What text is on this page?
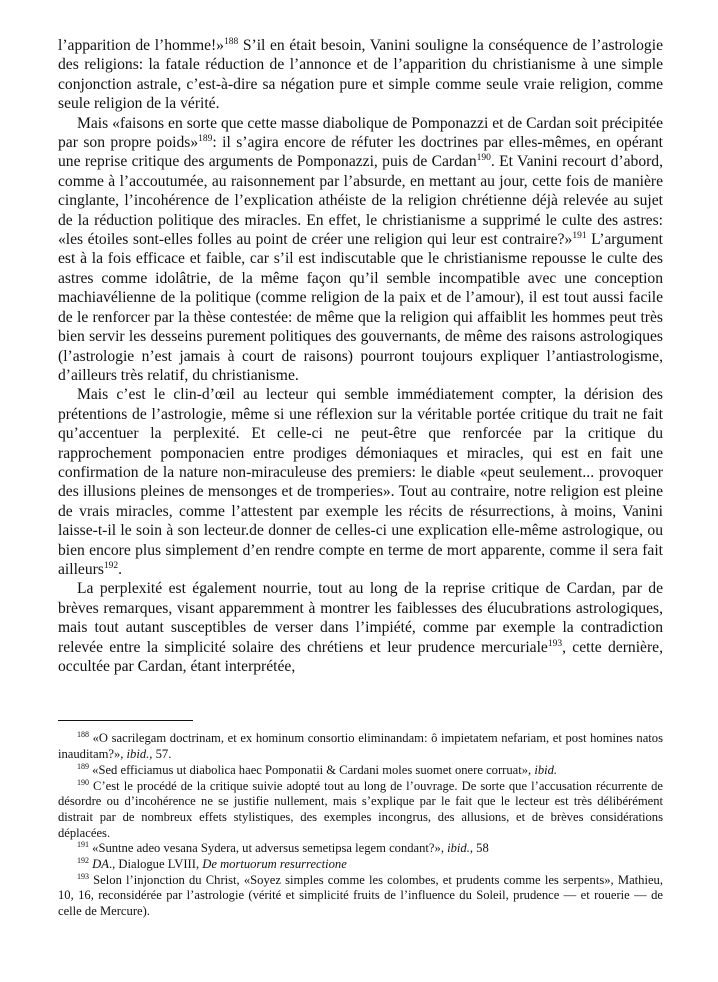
l’apparition de l’homme!»$^{188}$ S’il en était besoin, Vanini souligne la conséquence de l’astrologie des religions: la fatale réduction de l’annonce et de l’apparition du christianisme à une simple conjonction astrale, c’est-à-dire sa négation pure et simple comme seule vraie religion, comme seule religion de la vérité.

Mais «faisons en sorte que cette masse diabolique de Pomponazzi et de Cardan soit précipitée par son propre poids»$^{189}$: il s’agira encore de réfuter les doctrines par elles-mêmes, en opérant une reprise critique des arguments de Pomponazzi, puis de Cardan$^{190}$. Et Vanini recourt d’abord, comme à l’accoutumée, au raisonnement par l’absurde, en mettant au jour, cette fois de manière cinglante, l’incohérence de l’explication athéiste de la religion chrétienne déjà relevée au sujet de la réduction politique des miracles. En effet, le christianisme a supprimé le culte des astres: «les étoiles sont-elles folles au point de créer une religion qui leur est contraire?»$^{191}$ L’argument est à la fois efficace et faible, car s’il est indiscutable que le christianisme repousse le culte des astres comme idolâtrie, de la même façon qu’il semble incompatible avec une conception machiavélienne de la politique (comme religion de la paix et de l’amour), il est tout aussi facile de le renforcer par la thèse contestée: de même que la religion qui affaiblit les hommes peut très bien servir les desseins purement politiques des gouvernants, de même des raisons astrologiques (l’astrologie n’est jamais à court de raisons) pourront toujours expliquer l’antiastrologisme, d’ailleurs très relatif, du christianisme.

Mais c’est le clin-d’œil au lecteur qui semble immédiatement compter, la dérision des prétentions de l’astrologie, même si une réflexion sur la véritable portée critique du trait ne fait qu’accentuer la perplexité. Et celle-ci ne peut-être que renforcée par la critique du rapprochement pomponacien entre prodiges démoniaques et miracles, qui est en fait une confirmation de la nature non-miraculeuse des premiers: le diable «peut seulement... provoquer des illusions pleines de mensonges et de tromperies». Tout au contraire, notre religion est pleine de vrais miracles, comme l’attestent par exemple les récits de résurrections, à moins, Vanini laisse-t-il le soin à son lecteur.de donner de celles-ci une explication elle-même astrologique, ou bien encore plus simplement d’en rendre compte en terme de mort apparente, comme il sera fait ailleurs$^{192}$.

La perplexité est également nourrie, tout au long de la reprise critique de Cardan, par de brèves remarques, visant apparemment à montrer les faiblesses des élucubrations astrologiques, mais tout autant susceptibles de verser dans l’impiété, comme par exemple la contradiction relevée entre la simplicité solaire des chrétiens et leur prudence mercuriale$^{193}$, cette dernière, occultée par Cardan, étant interprétée,

$^{188}$ «O sacrilegam doctrinam, et ex hominum consortio eliminandam: ô impietatem nefariam, et post homines natos inauditam?», ibid., 57.

$^{189}$ «Sed efficiamus ut diabolica haec Pomponatii & Cardani moles suomet onere corruat», ibid.

$^{190}$ C’est le procédé de la critique suivie adopté tout au long de l’ouvrage. De sorte que l’accusation récurrente de désordre ou d’incohérence ne se justifie nullement, mais s’explique par le fait que le lecteur est très délibérément distrait par de nombreux effets stylistiques, des exemples incongrus, des allusions, et de brèves considérations déplacées.

$^{191}$ «Suntne adeo vesana Sydera, ut adversus semetipsa legem condant?», ibid., 58

$^{192}$ DA., Dialogue LVIII, De mortuorum resurrectione

$^{193}$ Selon l’injonction du Christ, «Soyez simples comme les colombes, et prudents comme les serpents», Mathieu, 10, 16, reconsidérée par l’astrologie (vérité et simplicité fruits de l’influence du Soleil, prudence — et rouerie — de celle de Mercure).
